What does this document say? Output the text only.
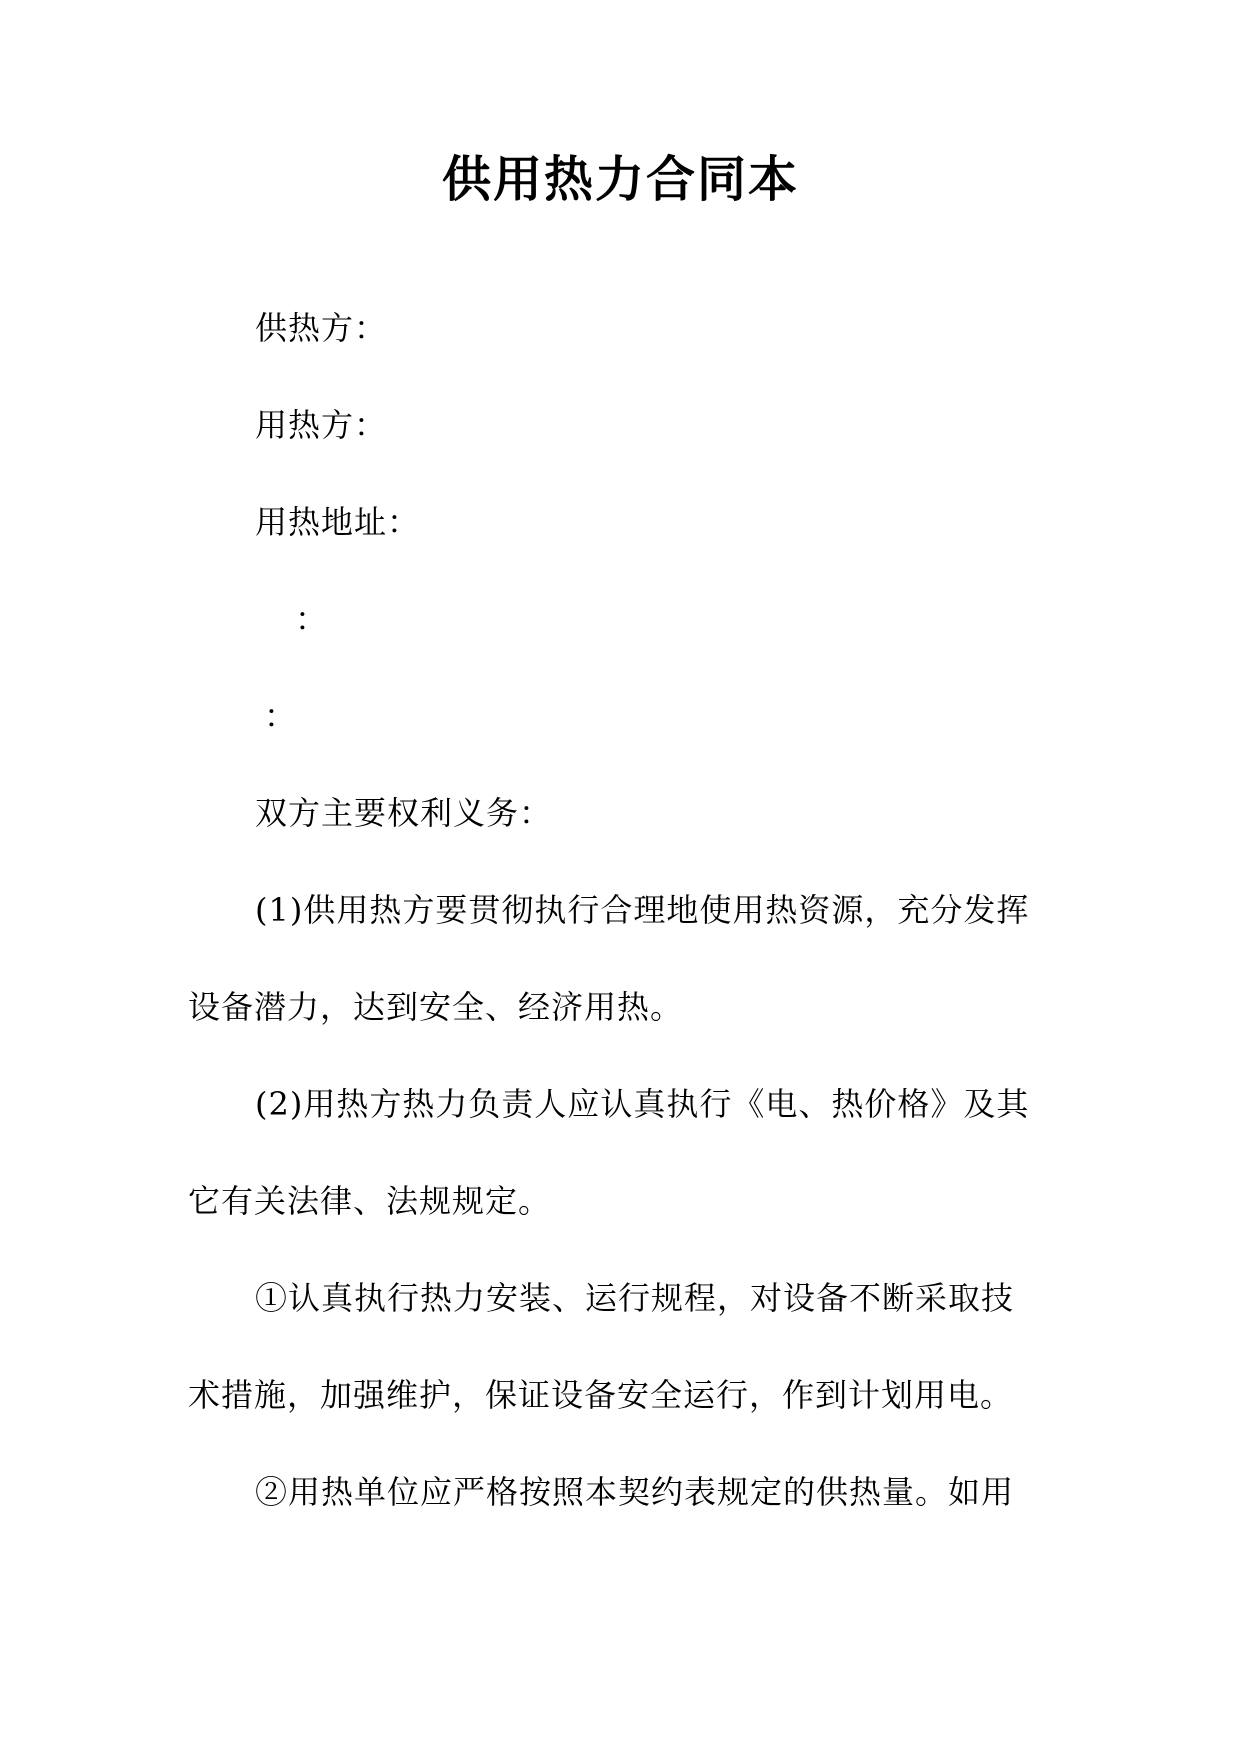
供用热力合同本
供热方：
用热方：
用热地址：
：
：
双方主要权利义务：
(1)供用热方要贯彻执行合理地使用热资源，充分发挥
设备潜力，达到安全、经济用热。
(2)用热方热力负责人应认真执行《电、热价格》及其
它有关法律、法规规定。
①认真执行热力安装、运行规程，对设备不断采取技
术措施，加强维护，保证设备安全运行，作到计划用电。
②用热单位应严格按照本契约表规定的供热量。如用
